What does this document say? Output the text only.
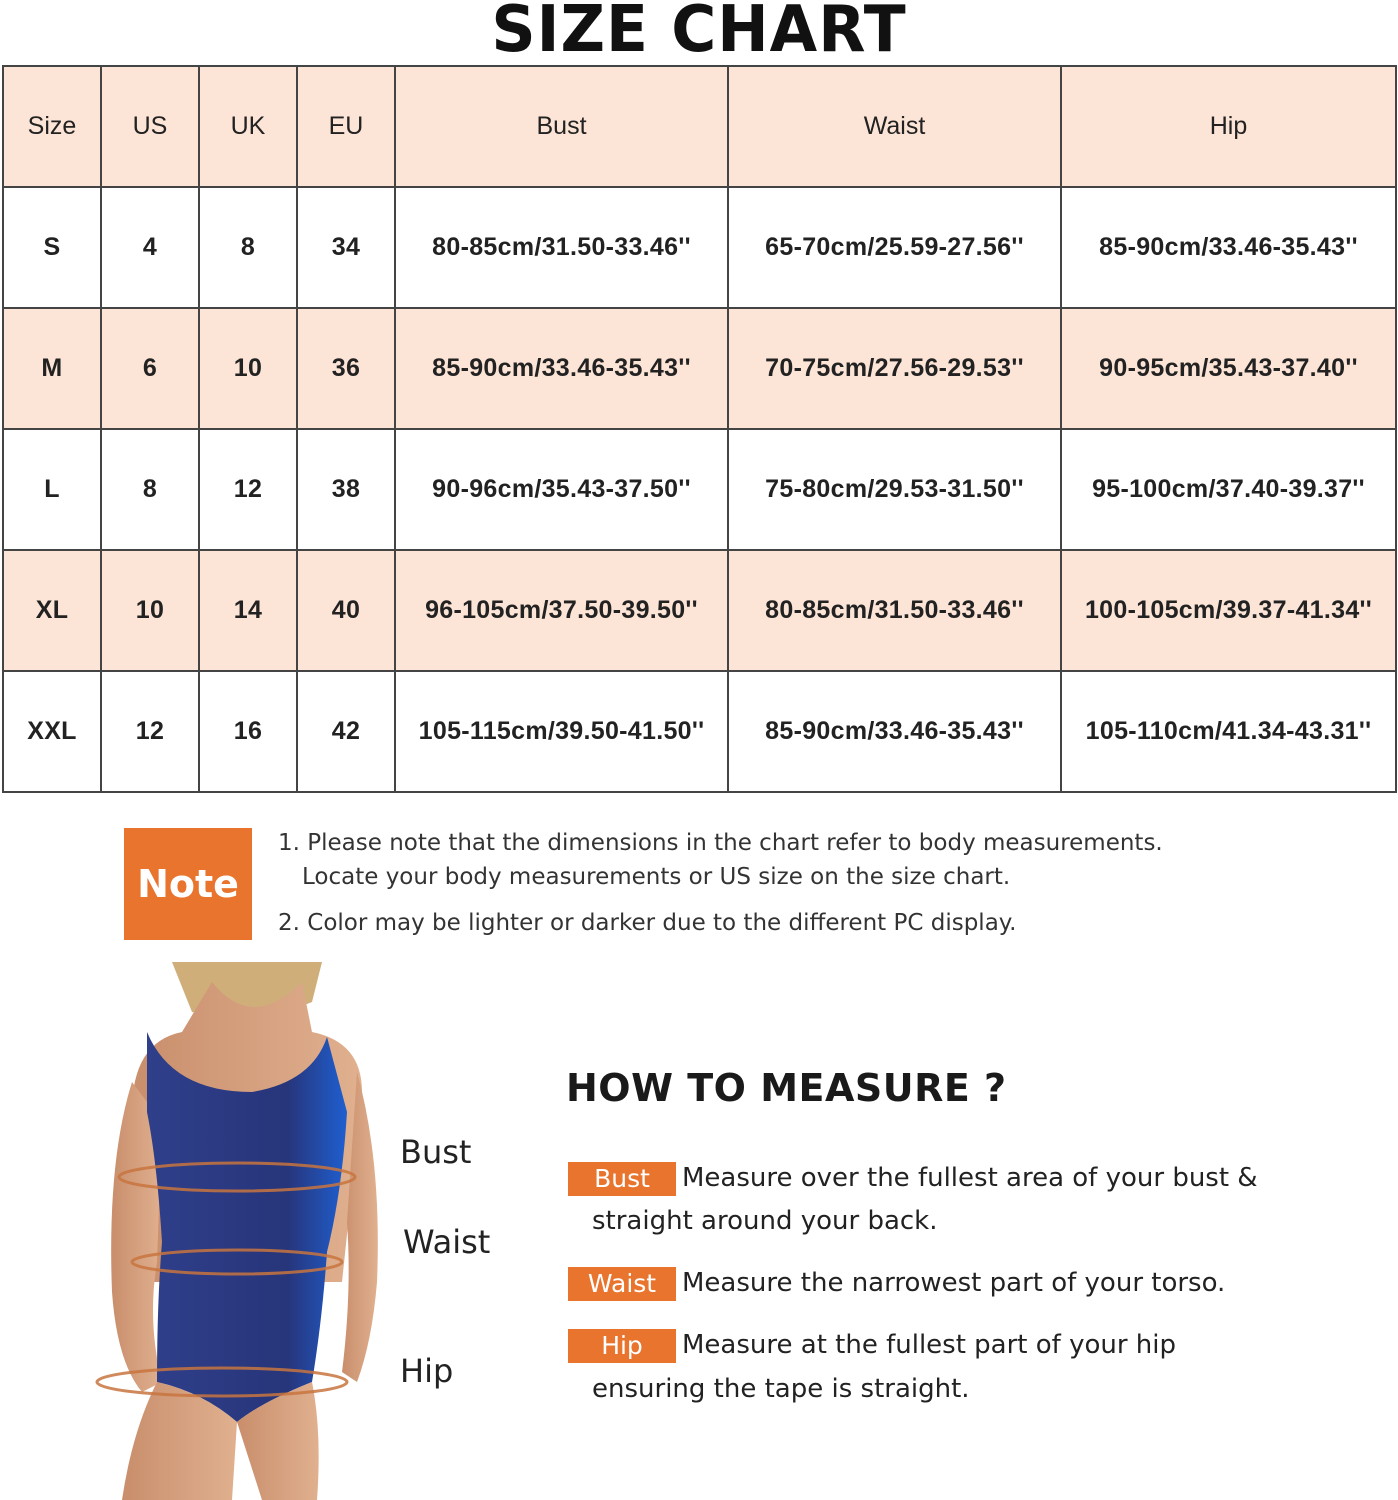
SIZE CHART
Size	US	UK	EU	Bust	Waist	Hip
S	4	8	34	80-85cm/31.50-33.46''	65-70cm/25.59-27.56''	85-90cm/33.46-35.43''
M	6	10	36	85-90cm/33.46-35.43''	70-75cm/27.56-29.53''	90-95cm/35.43-37.40''
L	8	12	38	90-96cm/35.43-37.50''	75-80cm/29.53-31.50''	95-100cm/37.40-39.37''
XL	10	14	40	96-105cm/37.50-39.50''	80-85cm/31.50-33.46''	100-105cm/39.37-41.34''
XXL	12	16	42	105-115cm/39.50-41.50''	85-90cm/33.46-35.43''	105-110cm/41.34-43.31''
Note
1. Please note that the dimensions in the chart refer to body measurements.
Locate your body measurements or US size on the size chart.
2. Color may be lighter or darker due to the different PC display.
Bust
Waist
Hip
HOW TO MEASURE ?
Bust	Measure over the fullest area of your bust &
straight around your back.
Waist Measure the narrowest part of your torso.
Hip	Measure at the fullest part of your hip
ensuring the tape is straight.
